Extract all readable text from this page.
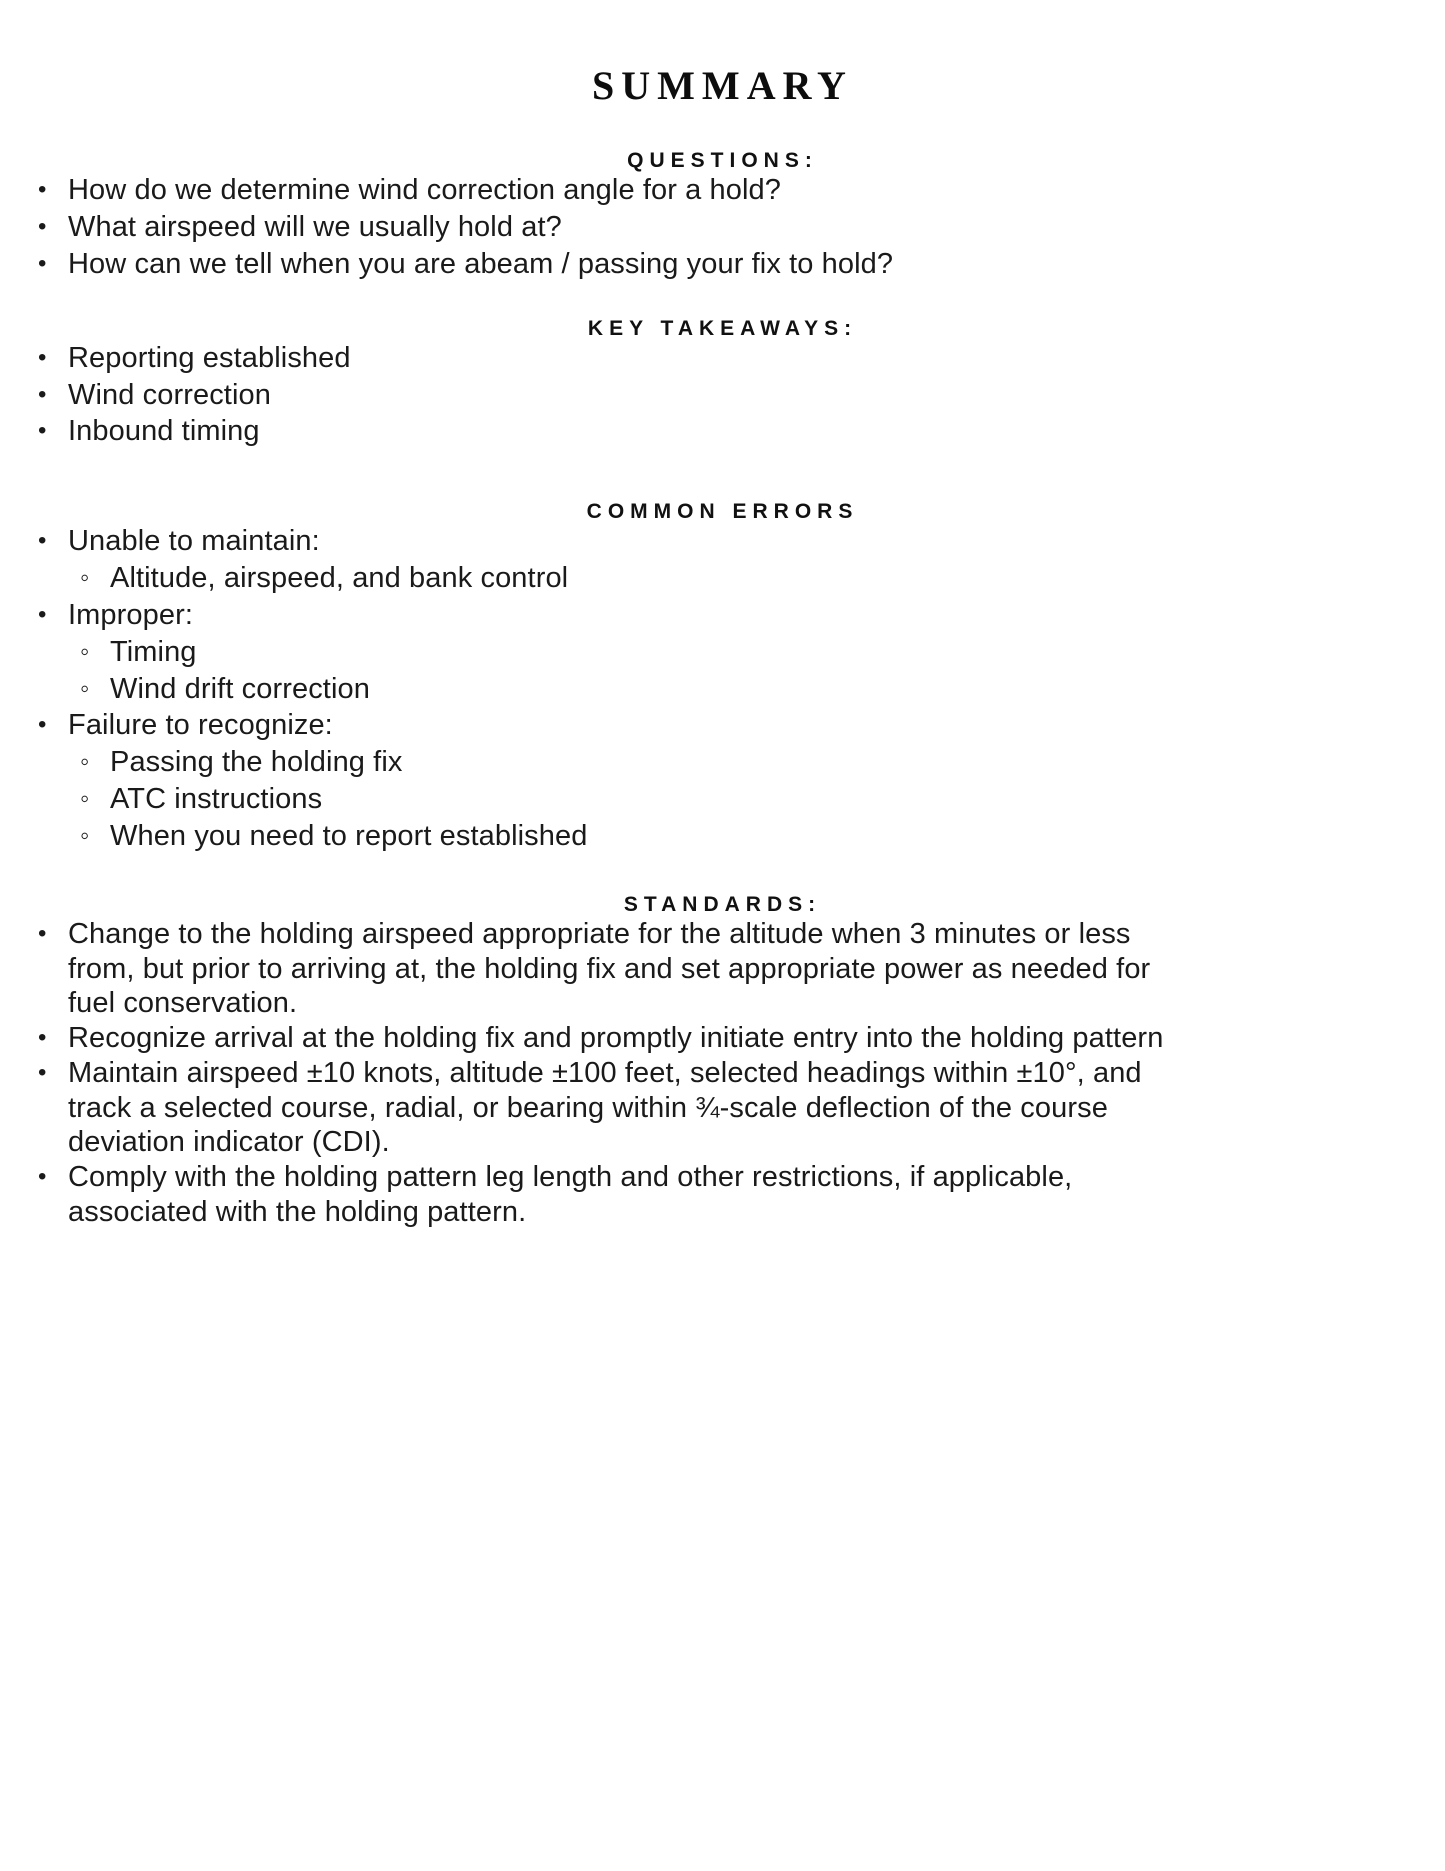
SUMMARY
QUESTIONS:
• How do we determine wind correction angle for a hold?
• What airspeed will we usually hold at?
• How can we tell when you are abeam / passing your fix to hold?
KEY TAKEAWAYS:
• Reporting established
• Wind correction
• Inbound timing
COMMON ERRORS
• Unable to maintain:
◦ Altitude, airspeed, and bank control
• Improper:
◦ Timing
◦ Wind drift correction
• Failure to recognize:
◦ Passing the holding fix
◦ ATC instructions
◦ When you need to report established
STANDARDS:
• Change to the holding airspeed appropriate for the altitude when 3 minutes or less from, but prior to arriving at, the holding fix and set appropriate power as needed for fuel conservation.
• Recognize arrival at the holding fix and promptly initiate entry into the holding pattern
• Maintain airspeed ±10 knots, altitude ±100 feet, selected headings within ±10°, and track a selected course, radial, or bearing within ¾-scale deflection of the course deviation indicator (CDI).
• Comply with the holding pattern leg length and other restrictions, if applicable, associated with the holding pattern.
